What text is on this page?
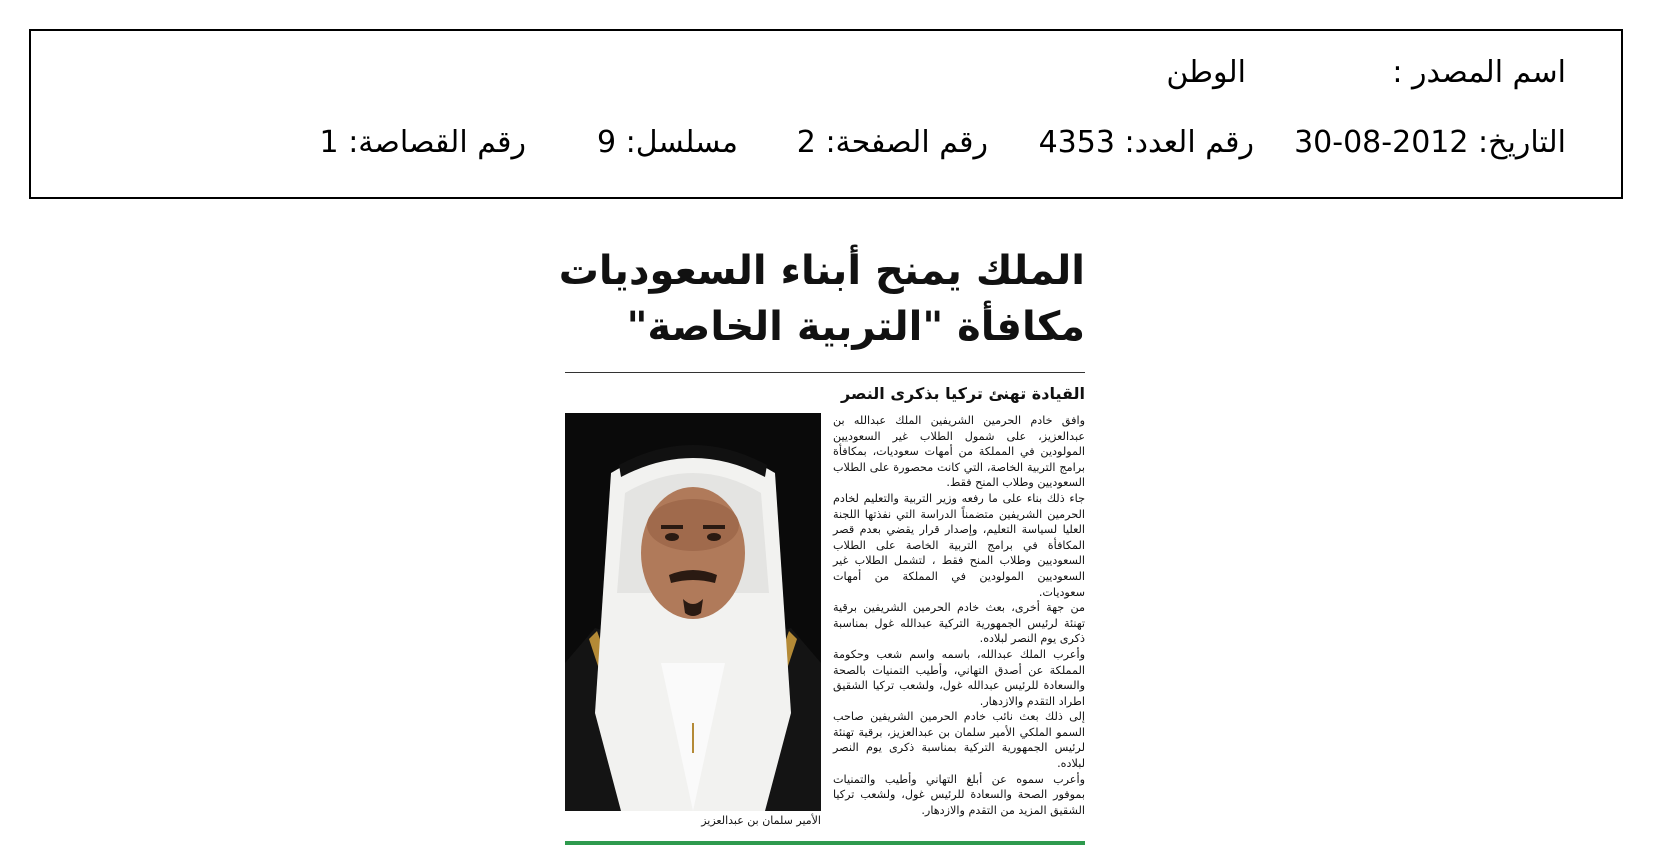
اسم المصدر :
الوطن
التاريخ: 2012-08-30
رقم العدد: 4353
رقم الصفحة: 2
مسلسل: 9
رقم القصاصة: 1
الملك يمنح أبناء السعوديات
مكافأة "التربية الخاصة"
القيادة تهنئ تركيا بذكرى النصر

وافق خادم الحرمين الشريفين الملك عبدالله بن عبدالعزيز، على شمول الطلاب غير السعوديين المولودين في المملكة من أمهات سعوديات، بمكافأة برامج التربية الخاصة، التي كانت محصورة على الطلاب السعوديين وطلاب المنح فقط.

جاء ذلك بناء على ما رفعه وزير التربية والتعليم لخادم الحرمين الشريفين متضمناً الدراسة التي نفذتها اللجنة العليا لسياسة التعليم، وإصدار قرار يقضي بعدم قصر المكافأة في برامج التربية الخاصة على الطلاب السعوديين وطلاب المنح فقط ، لتشمل الطلاب غير السعوديين المولودين في المملكة من أمهات سعوديات.

من جهة أخرى، بعث خادم الحرمين الشريفين برقية تهنئة لرئيس الجمهورية التركية عبدالله غول بمناسبة ذكرى يوم النصر لبلاده.

وأعرب الملك عبدالله، باسمه واسم شعب وحكومة المملكة عن أصدق التهاني، وأطيب التمنيات بالصحة والسعادة للرئيس عبدالله غول، ولشعب تركيا الشقيق اطراد التقدم والازدهار.

إلى ذلك بعث نائب خادم الحرمين الشريفين صاحب السمو الملكي الأمير سلمان بن عبدالعزيز، برقية تهنئة لرئيس الجمهورية التركية بمناسبة ذكرى يوم النصر لبلاده.

وأعرب سموه عن أبلغ التهاني وأطيب والتمنيات بموفور الصحة والسعادة للرئيس غول، ولشعب تركيا الشقيق المزيد من التقدم والازدهار.

الأمير سلمان بن عبدالعزيز
